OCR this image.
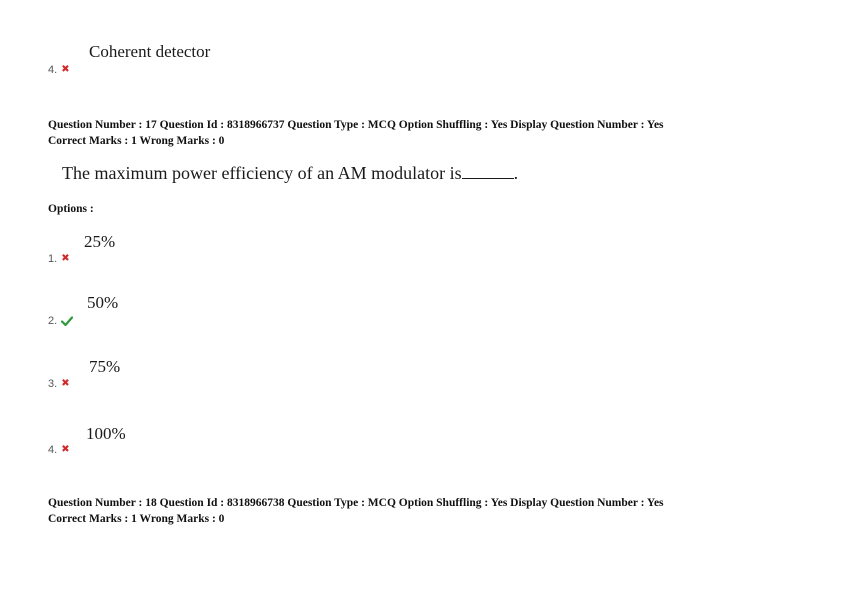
Coherent detector
4. ✖
Question Number : 17 Question Id : 8318966737 Question Type : MCQ Option Shuffling : Yes Display Question Number : Yes
Correct Marks : 1 Wrong Marks : 0
The maximum power efficiency of an AM modulator is	.
Options :
25%
1. ✖
50%
2.
75%
3. ✖
100%
4. ✖
Question Number : 18 Question Id : 8318966738 Question Type : MCQ Option Shuffling : Yes Display Question Number : Yes
Correct Marks : 1 Wrong Marks : 0
